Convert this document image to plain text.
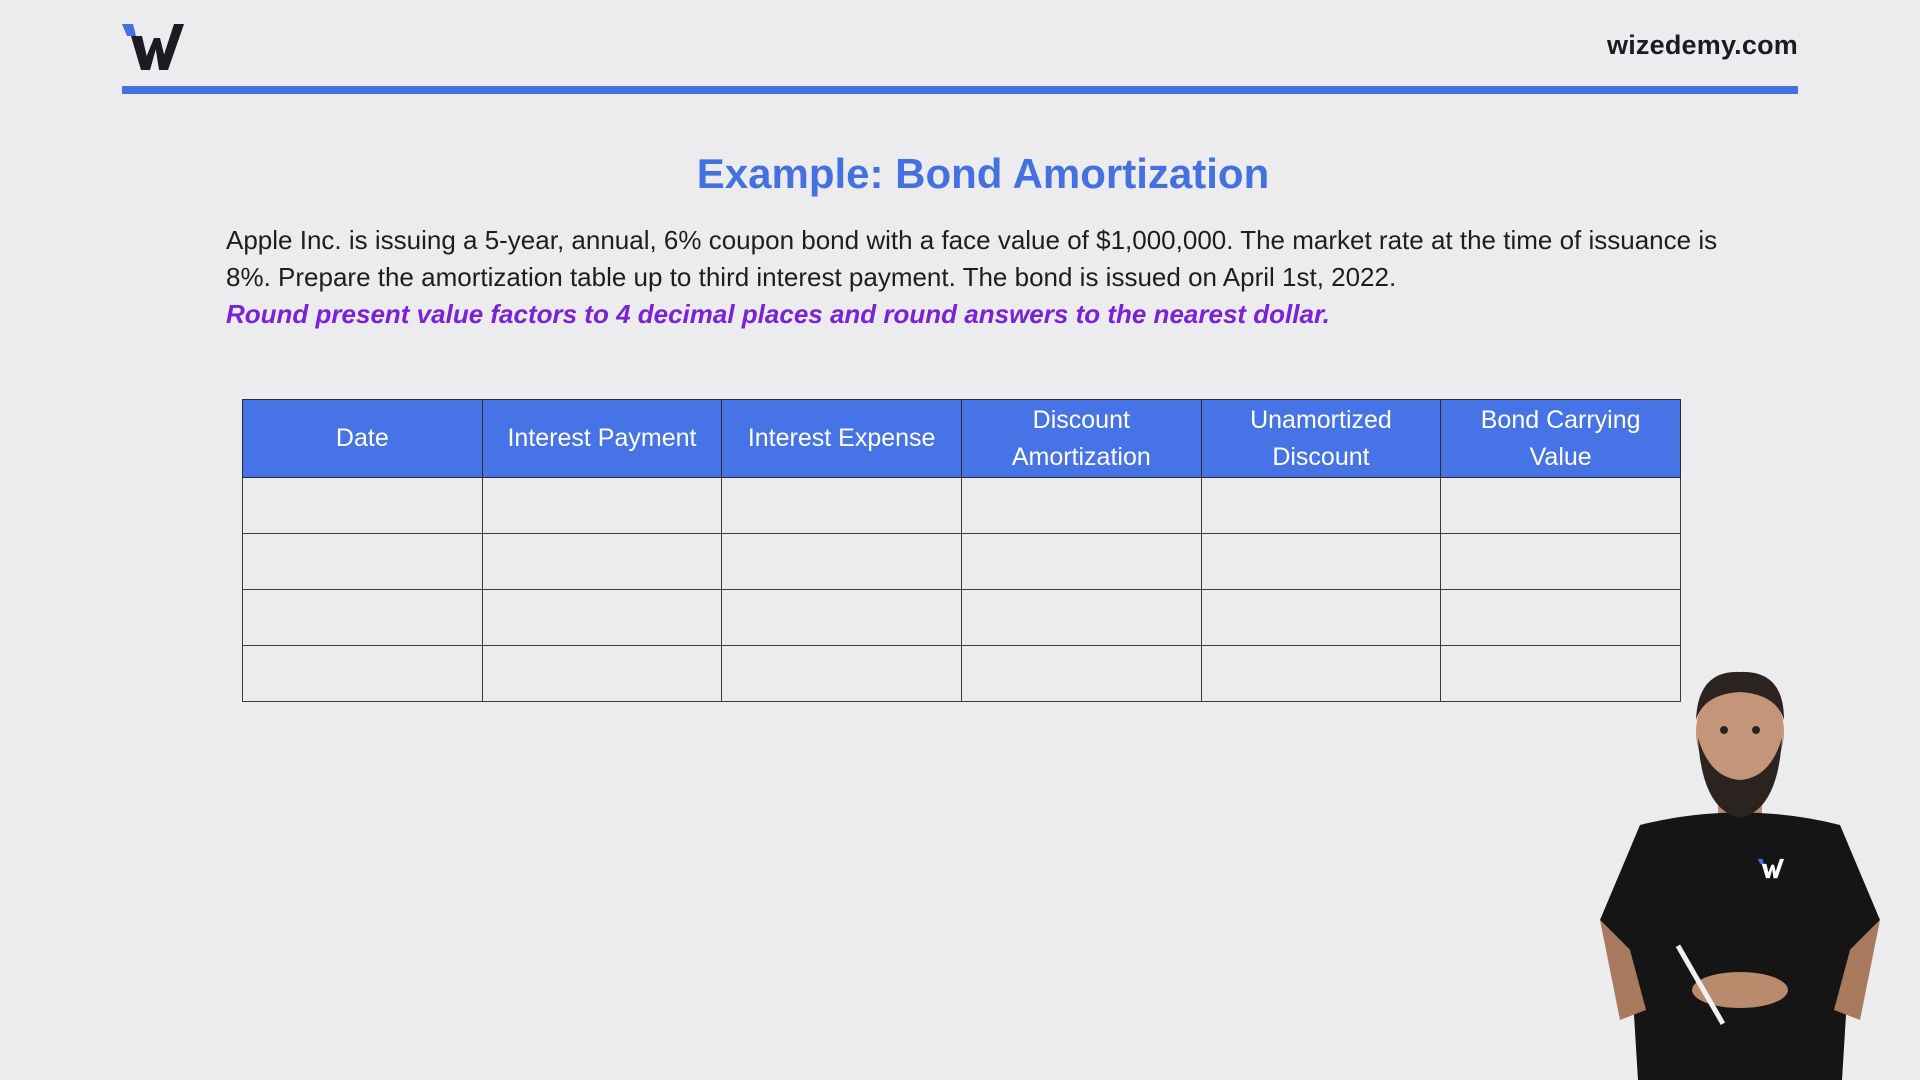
wizedemy.com
Example: Bond Amortization

Apple Inc. is issuing a 5-year, annual, 6% coupon bond with a face value of $1,000,000. The market rate at the time of issuance is 8%. Prepare the amortization table up to third interest payment. The bond is issued on April 1st, 2022.

Round present value factors to 4 decimal places and round answers to the nearest dollar.

Date	Interest Payment	Interest Expense	Discount Amortization	Unamortized Discount	Bond Carrying Value
